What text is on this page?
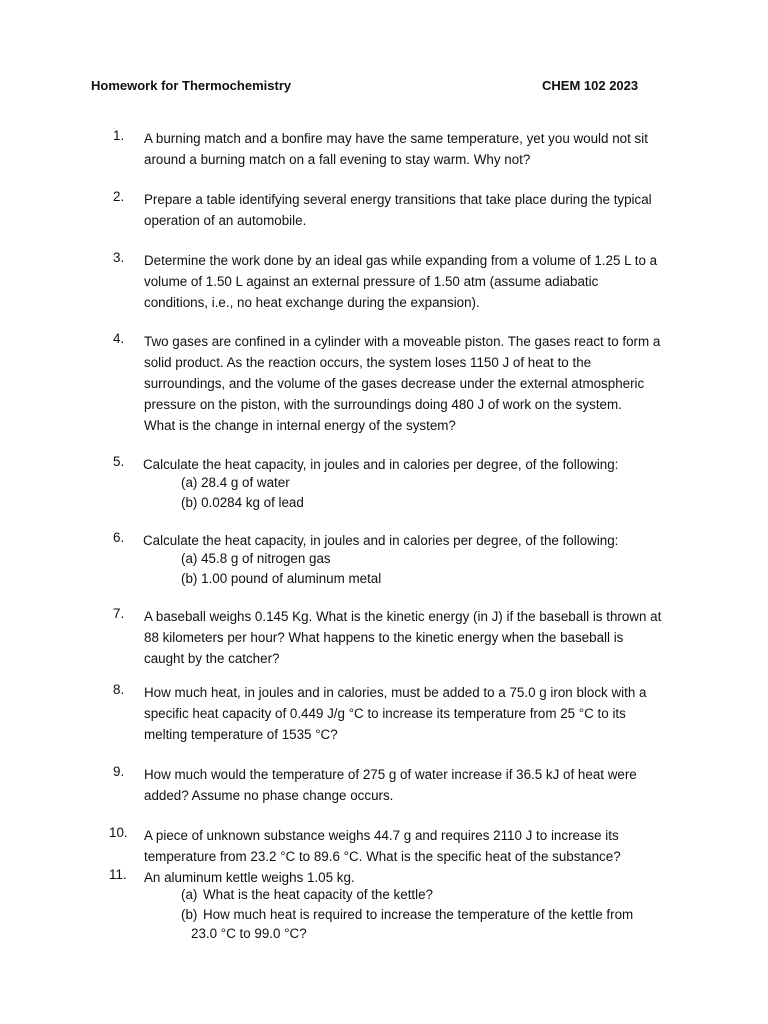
Homework for Thermochemistry	CHEM 102 2023
1. A burning match and a bonfire may have the same temperature, yet you would not sit
around a burning match on a fall evening to stay warm. Why not?
2. Prepare a table identifying several energy transitions that take place during the typical
operation of an automobile.
3. Determine the work done by an ideal gas while expanding from a volume of 1.25 L to a
volume of 1.50 L against an external pressure of 1.50 atm (assume adiabatic
conditions, i.e., no heat exchange during the expansion).
4. Two gases are confined in a cylinder with a moveable piston. The gases react to form a
solid product. As the reaction occurs, the system loses 1150 J of heat to the
surroundings, and the volume of the gases decrease under the external atmospheric
pressure on the piston, with the surroundings doing 480 J of work on the system.
What is the change in internal energy of the system?
5. Calculate the heat capacity, in joules and in calories per degree, of the following:
(a) 28.4 g of water
(b) 0.0284 kg of lead
6. Calculate the heat capacity, in joules and in calories per degree, of the following:
(a) 45.8 g of nitrogen gas
(b) 1.00 pound of aluminum metal
7. A baseball weighs 0.145 Kg. What is the kinetic energy (in J) if the baseball is thrown at
88 kilometers per hour? What happens to the kinetic energy when the baseball is
caught by the catcher?
8. How much heat, in joules and in calories, must be added to a 75.0 g iron block with a
specific heat capacity of 0.449 J/g °C to increase its temperature from 25 °C to its
melting temperature of 1535 °C?
9. How much would the temperature of 275 g of water increase if 36.5 kJ of heat were
added? Assume no phase change occurs.
10. A piece of unknown substance weighs 44.7 g and requires 2110 J to increase its
temperature from 23.2 °C to 89.6 °C. What is the specific heat of the substance?
11. An aluminum kettle weighs 1.05 kg.
(a) What is the heat capacity of the kettle?
(b) How much heat is required to increase the temperature of the kettle from
23.0 °C to 99.0 °C?
